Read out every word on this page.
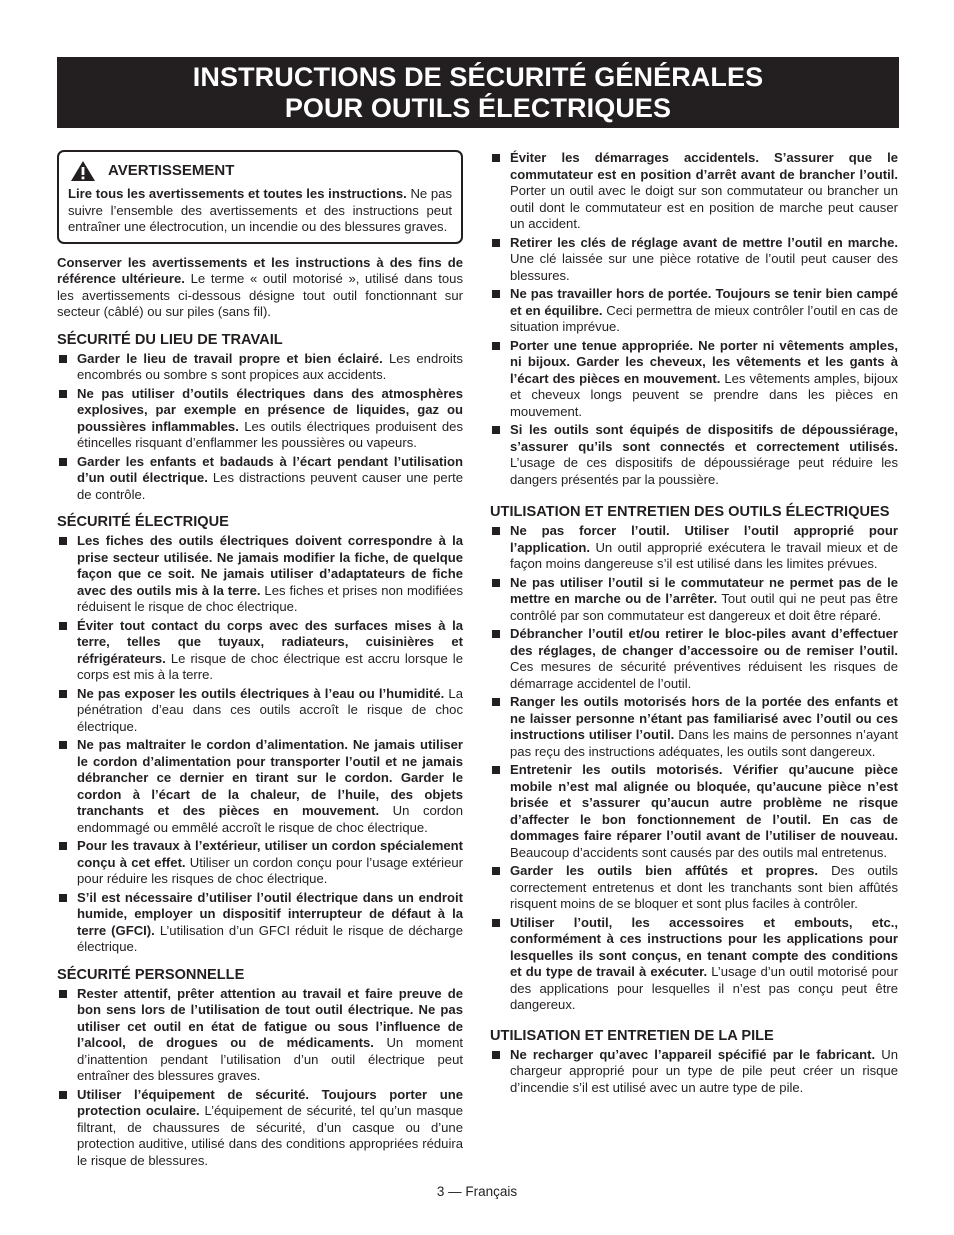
INSTRUCTIONS DE SÉCURITÉ GÉNÉRALES
POUR OUTILS ÉLECTRIQUES
AVERTISSEMENT
Lire tous les avertissements et toutes les instructions. Ne pas suivre l’ensemble des avertissements et des instructions peut entraîner une électrocution, un incendie ou des blessures graves.

Conserver les avertissements et les instructions à des fins de référence ultérieure. Le terme « outil motorisé », utilisé dans tous les avertissements ci-dessous désigne tout outil fonctionnant sur secteur (câblé) ou sur piles (sans fil).

SÉCURITÉ DU LIEU DE TRAVAIL
Garder le lieu de travail propre et bien éclairé. Les endroits encombrés ou sombre s sont propices aux accidents.
Ne pas utiliser d’outils électriques dans des atmosphères explosives, par exemple en présence de liquides, gaz ou poussières inflammables. Les outils électriques produisent des étincelles risquant d’enflammer les poussières ou vapeurs.
Garder les enfants et badauds à l’écart pendant l’utilisation d’un outil électrique. Les distractions peuvent causer une perte de contrôle.
SÉCURITÉ ÉLECTRIQUE
Les fiches des outils électriques doivent correspondre à la prise secteur utilisée. Ne jamais modifier la fiche, de quelque façon que ce soit. Ne jamais utiliser d’adaptateurs de fiche avec des outils mis à la terre. Les fiches et prises non modifiées réduisent le risque de choc électrique.
Éviter tout contact du corps avec des surfaces mises à la terre, telles que tuyaux, radiateurs, cuisinières et réfrigérateurs. Le risque de choc électrique est accru lorsque le corps est mis à la terre.
Ne pas exposer les outils électriques à l’eau ou l’humidité. La pénétration d’eau dans ces outils accroît le risque de choc électrique.
Ne pas maltraiter le cordon d’alimentation. Ne jamais utiliser le cordon d’alimentation pour transporter l’outil et ne jamais débrancher ce dernier en tirant sur le cordon. Garder le cordon à l’écart de la chaleur, de l’huile, des objets tranchants et des pièces en mouvement. Un cordon endommagé ou emmêlé accroît le risque de choc électrique.
Pour les travaux à l’extérieur, utiliser un cordon spécialement conçu à cet effet. Utiliser un cordon conçu pour l’usage extérieur pour réduire les risques de choc électrique.
S’il est nécessaire d’utiliser l’outil électrique dans un endroit humide, employer un dispositif interrupteur de défaut à la terre (GFCI). L’utilisation d’un GFCI réduit le risque de décharge électrique.
SÉCURITÉ PERSONNELLE
Rester attentif, prêter attention au travail et faire preuve de bon sens lors de l’utilisation de tout outil électrique. Ne pas utiliser cet outil en état de fatigue ou sous l’influence de l’alcool, de drogues ou de médicaments. Un moment d’inattention pendant l’utilisation d’un outil électrique peut entraîner des blessures graves.
Utiliser l’équipement de sécurité. Toujours porter une protection oculaire. L’équipement de sécurité, tel qu’un masque filtrant, de chaussures de sécurité, d’un casque ou d’une protection auditive, utilisé dans des conditions appropriées réduira le risque de blessures.
Éviter les démarrages accidentels. S’assurer que le commutateur est en position d’arrêt avant de brancher l’outil. Porter un outil avec le doigt sur son commutateur ou brancher un outil dont le commutateur est en position de marche peut causer un accident.
Retirer les clés de réglage avant de mettre l’outil en marche. Une clé laissée sur une pièce rotative de l’outil peut causer des blessures.
Ne pas travailler hors de portée. Toujours se tenir bien campé et en équilibre. Ceci permettra de mieux contrôler l’outil en cas de situation imprévue.
Porter une tenue appropriée. Ne porter ni vêtements amples, ni bijoux. Garder les cheveux, les vêtements et les gants à l’écart des pièces en mouvement. Les vêtements amples, bijoux et cheveux longs peuvent se prendre dans les pièces en mouvement.
Si les outils sont équipés de dispositifs de dépoussiérage, s’assurer qu’ils sont connectés et correctement utilisés. L’usage de ces dispositifs de dépoussiérage peut réduire les dangers présentés par la poussière.
UTILISATION ET ENTRETIEN DES OUTILS ÉLECTRIQUES
Ne pas forcer l’outil. Utiliser l’outil approprié pour l’application. Un outil approprié exécutera le travail mieux et de façon moins dangereuse s’il est utilisé dans les limites prévues.
Ne pas utiliser l’outil si le commutateur ne permet pas de le mettre en marche ou de l’arrêter. Tout outil qui ne peut pas être contrôlé par son commutateur est dangereux et doit être réparé.
Débrancher l’outil et/ou retirer le bloc-piles avant d’effectuer des réglages, de changer d’accessoire ou de remiser l’outil. Ces mesures de sécurité préventives réduisent les risques de démarrage accidentel de l’outil.
Ranger les outils motorisés hors de la portée des enfants et ne laisser personne n’étant pas familiarisé avec l’outil ou ces instructions utiliser l’outil. Dans les mains de personnes n’ayant pas reçu des instructions adéquates, les outils sont dangereux.
Entretenir les outils motorisés. Vérifier qu’aucune pièce mobile n’est mal alignée ou bloquée, qu’aucune pièce n’est brisée et s’assurer qu’aucun autre problème ne risque d’affecter le bon fonctionnement de l’outil. En cas de dommages faire réparer l’outil avant de l’utiliser de nouveau. Beaucoup d’accidents sont causés par des outils mal entretenus.
Garder les outils bien affûtés et propres. Des outils correctement entretenus et dont les tranchants sont bien affûtés risquent moins de se bloquer et sont plus faciles à contrôler.
Utiliser l’outil, les accessoires et embouts, etc., conformément à ces instructions pour les applications pour lesquelles ils sont conçus, en tenant compte des conditions et du type de travail à exécuter. L’usage d’un outil motorisé pour des applications pour lesquelles il n’est pas conçu peut être dangereux.
UTILISATION ET ENTRETIEN DE LA PILE
Ne recharger qu’avec l’appareil spécifié par le fabricant. Un chargeur approprié pour un type de pile peut créer un risque d’incendie s’il est utilisé avec un autre type de pile.
3 — Français
